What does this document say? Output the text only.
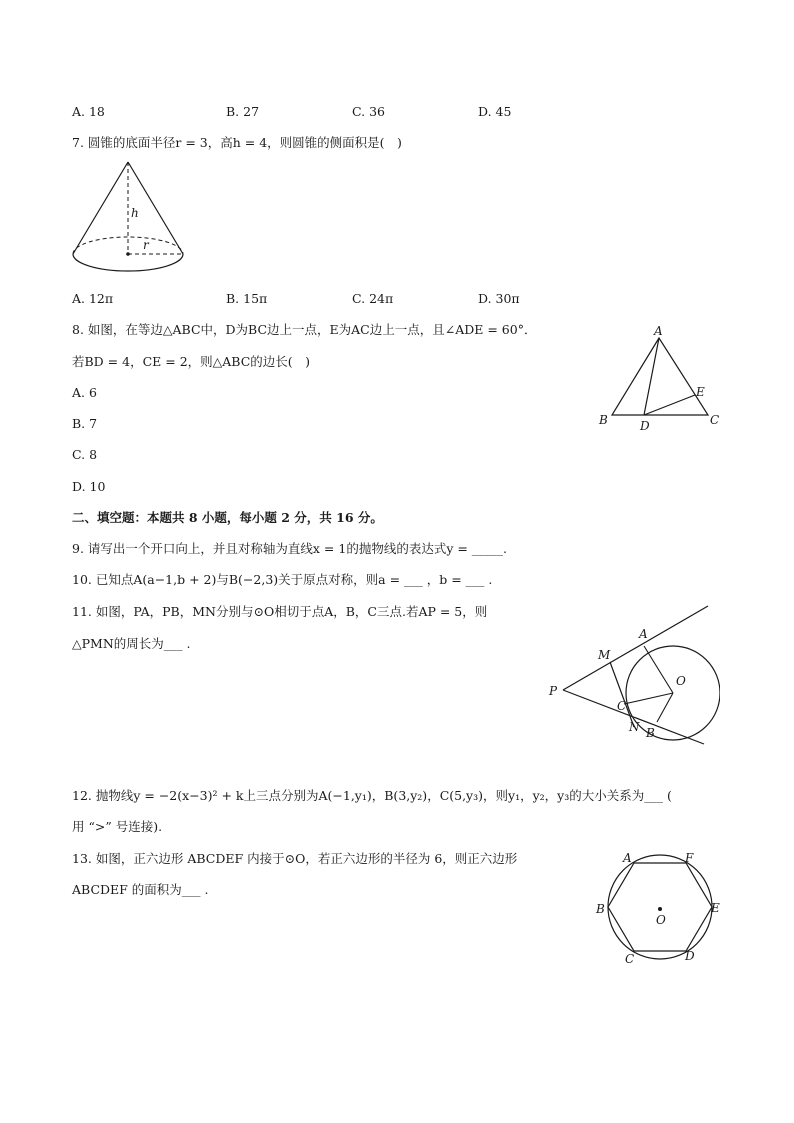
A. 18	B. 27	C. 36	D. 45
7. 圆锥的底面半径r = 3，高h = 4，则圆锥的侧面积是(　)
h
r
A. 12π	B. 15π	C. 24π	D. 30π
8. 如图，在等边△ABC中，D为BC边上一点，E为AC边上一点，且∠ADE = 60°．
若BD = 4，CE = 2，则△ABC的边长(　)
A. 6
B. 7
C. 8
D. 10
A
B	C
D
E
二、填空题：本题共 8 小题，每小题 2 分，共 16 分。
9. 请写出一个开口向上，并且对称轴为直线x = 1的抛物线的表达式y = _____.
10. 已知点A(a−1,b + 2)与B(−2,3)关于原点对称，则a = ___ ，b = ___ .
11. 如图，PA，PB，MN分别与⊙O相切于点A，B，C三点.若AP = 5，则
△PMN的周长为___ .
P
M
A
O
C
N B
12. 抛物线y = −2(x−3)² + k上三点分别为A(−1,y₁)，B(3,y₂)，C(5,y₃)，则y₁，y₂，y₃的大小关系为___ (
用 “>” 号连接).
13. 如图，正六边形 ABCDEF 内接于⊙O，若正六边形的半径为 6，则正六边形
ABCDEF 的面积为___ .
A	F
B	E
C	D
O
